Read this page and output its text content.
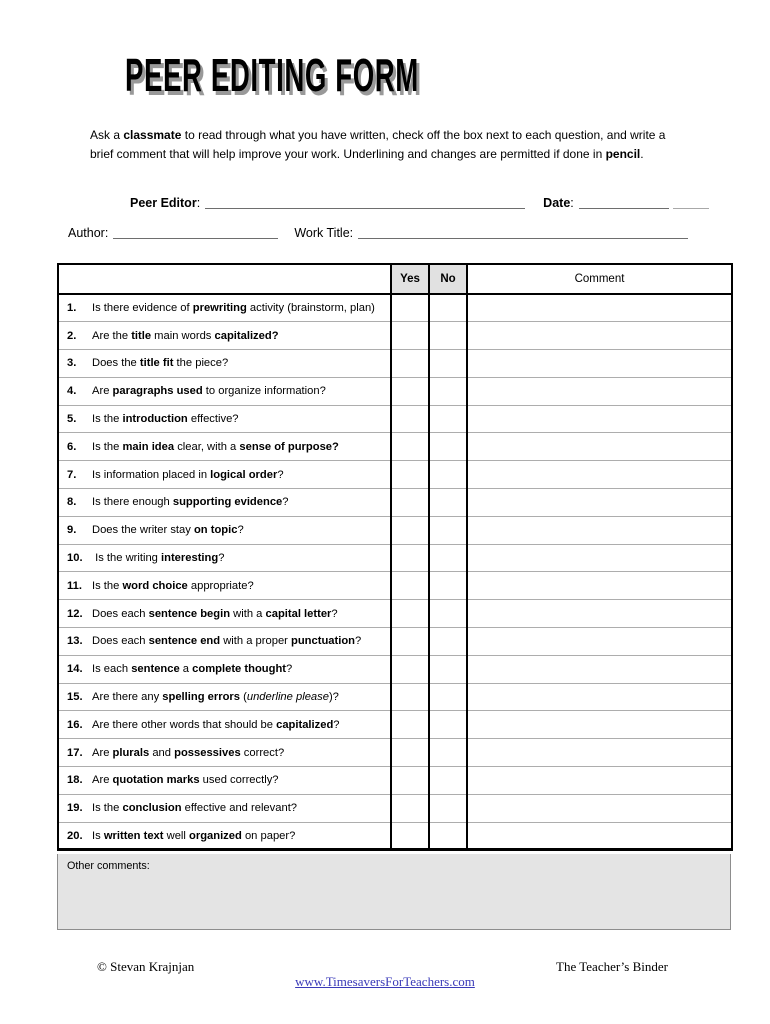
PEER EDITING FORM

Ask a classmate to read through what you have written, check off the box next to each question, and write a
brief comment that will help improve your work. Underlining and changes are permitted if done in pencil.

Peer Editor:	Date:
Author:	Work Title:
	Yes	No	Comment
1. Is there evidence of prewriting activity (brainstorm, plan)			
2. Are the title main words capitalized?			
3. Does the title fit the piece?			
4. Are paragraphs used to organize information?			
5. Is the introduction effective?			
6. Is the main idea clear, with a sense of purpose?			
7. Is information placed in logical order?			
8. Is there enough supporting evidence?			
9. Does the writer stay on topic?			
10. Is the writing interesting?			
11. Is the word choice appropriate?			
12. Does each sentence begin with a capital letter?			
13. Does each sentence end with a proper punctuation?			
14. Is each sentence a complete thought?			
15. Are there any spelling errors (underline please)?			
16. Are there other words that should be capitalized?			
17. Are plurals and possessives correct?			
18. Are quotation marks used correctly?			
19. Is the conclusion effective and relevant?			
20. Is written text well organized on paper?			
Other comments:
© Stevan Krajnjan	The Teacher’s Binder
www.TimesaversForTeachers.com
